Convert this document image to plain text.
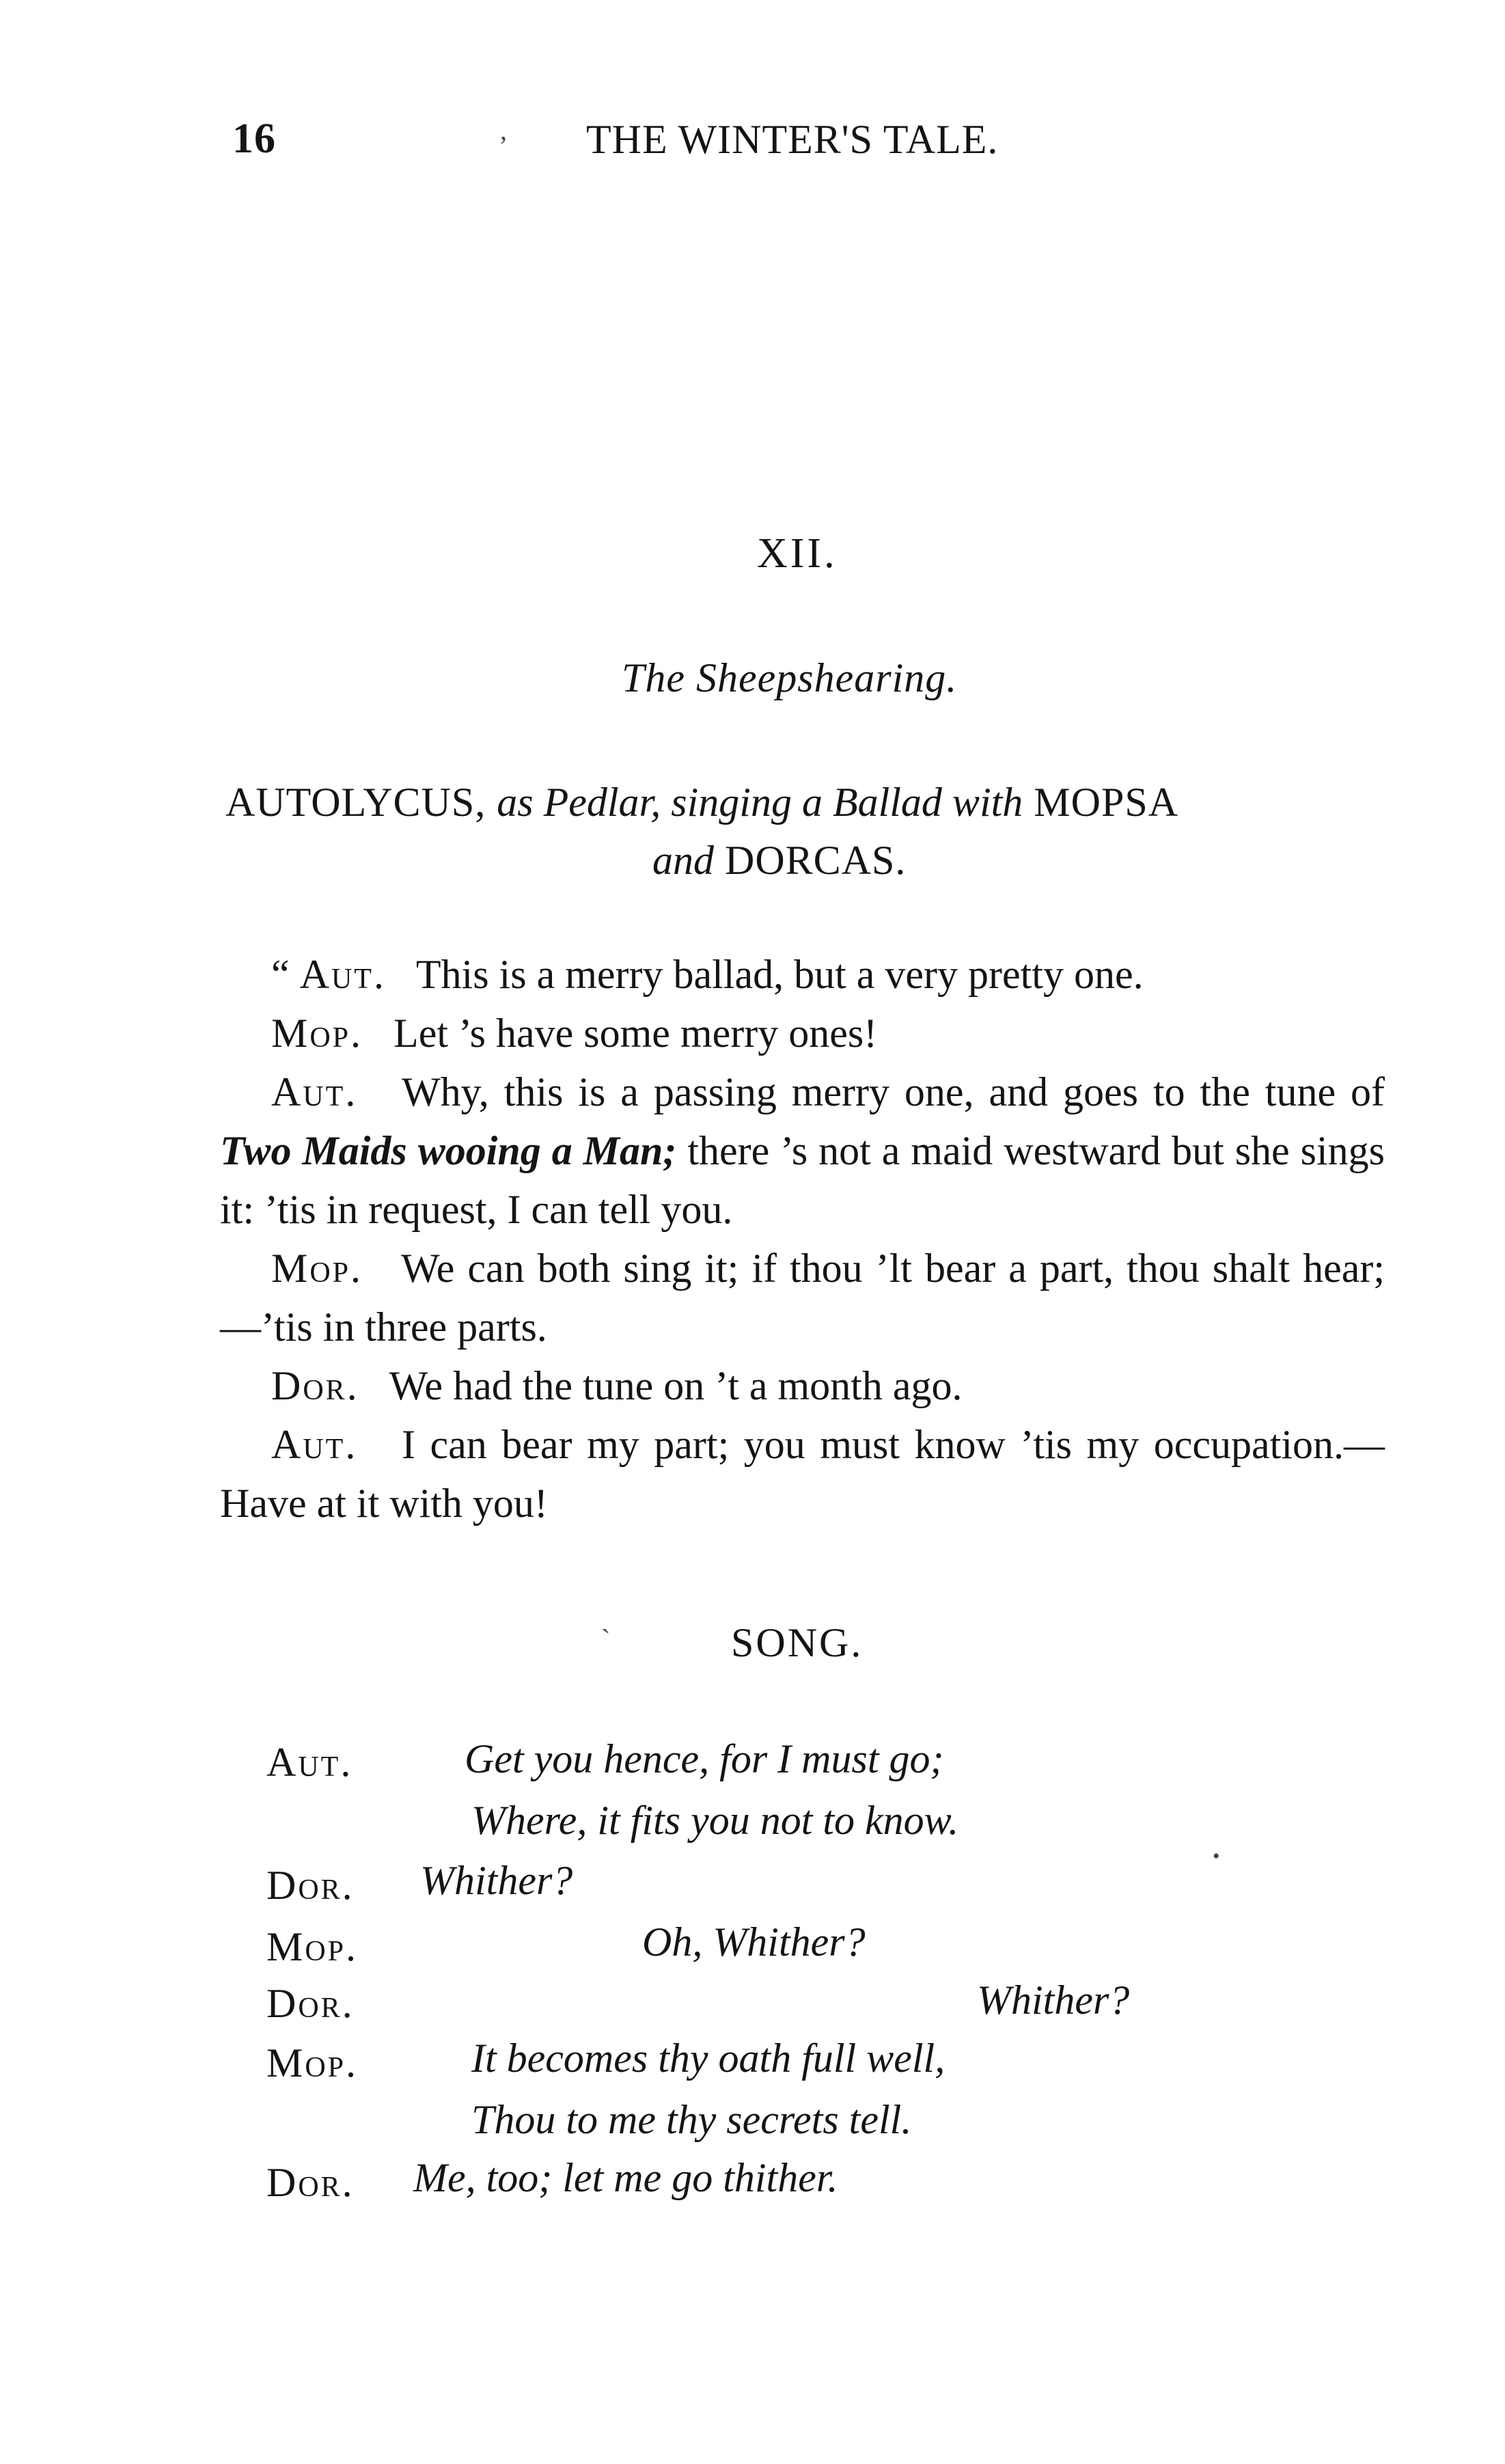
16	THE WINTER'S TALE.
XII.
The Sheepshearing.
AUTOLYCUS, as Pedlar, singing a Ballad with MOPSA
and DORCAS.
“ Aut. This is a merry ballad, but a very pretty one.
Mop. Let ’s have some merry ones!
Aut. Why, this is a passing merry one, and goes to the tune of Two Maids wooing a Man; there ’s not a maid westward but she sings it: ’tis in request, I can tell you.
Mop. We can both sing it; if thou ’lt bear a part, thou shalt hear;—’tis in three parts.
Dor. We had the tune on ’t a month ago.
Aut. I can bear my part; you must know ’tis my occupation.—Have at it with you!
SONG.
Aut.	Get you hence, for I must go;
Where, it fits you not to know.
Dor. Whither?
Mop.	Oh, Whither?
Dor.	Whither?
Mop.	It becomes thy oath full well,
Thou to me thy secrets tell.
Dor. Me, too; let me go thither.
ʼ
ˋ
•
